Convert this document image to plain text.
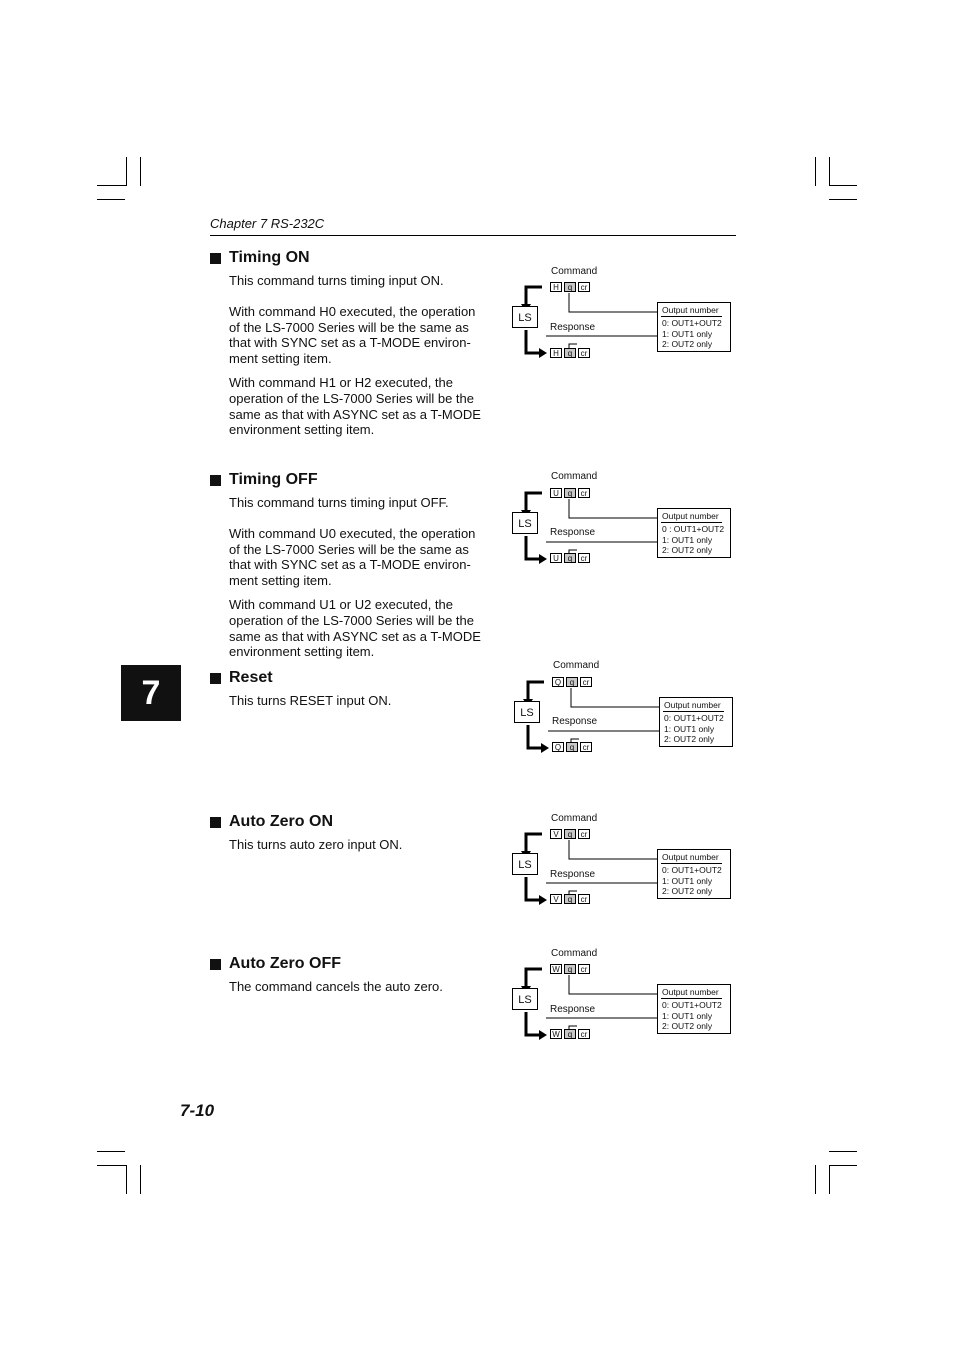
Chapter 7 RS-232C
7
7-10
Timing ON

This command turns timing input ON.

With command H0 executed, the operation of the LS-7000 Series will be the same as that with SYNC set as a T-MODE environ- ment setting item.

With command H1 or H2 executed, the operation of the LS-7000 Series will be the same as that with ASYNC set as a T-MODE environment setting item.

Timing OFF

This command turns timing input OFF.

With command U0 executed, the operation of the LS-7000 Series will be the same as that with SYNC set as a T-MODE environ- ment setting item.

With command U1 or U2 executed, the operation of the LS-7000 Series will be the same as that with ASYNC set as a T-MODE environment setting item.

Reset

This turns RESET input ON.

Auto Zero ON

This turns auto zero input ON.

Auto Zero OFF

The command cancels the auto zero.

Command
H	q	cr
LS
Response
H	q	cr
Output number
0: OUT1+OUT2
1: OUT1 only
2: OUT2 only
Command
U	q	cr
LS
Response
U	q	cr
Output number
0 : OUT1+OUT2
1: OUT1 only
2: OUT2 only
Command
Q	q	cr
LS
Response
Q	q	cr
Output number
0: OUT1+OUT2
1: OUT1 only
2: OUT2 only
Command
V	q	cr
LS
Response
V	q	cr
Output number
0: OUT1+OUT2
1: OUT1 only
2: OUT2 only
Command
W q	cr
LS
Response
W q	cr
Output number
0: OUT1+OUT2
1: OUT1 only
2: OUT2 only
